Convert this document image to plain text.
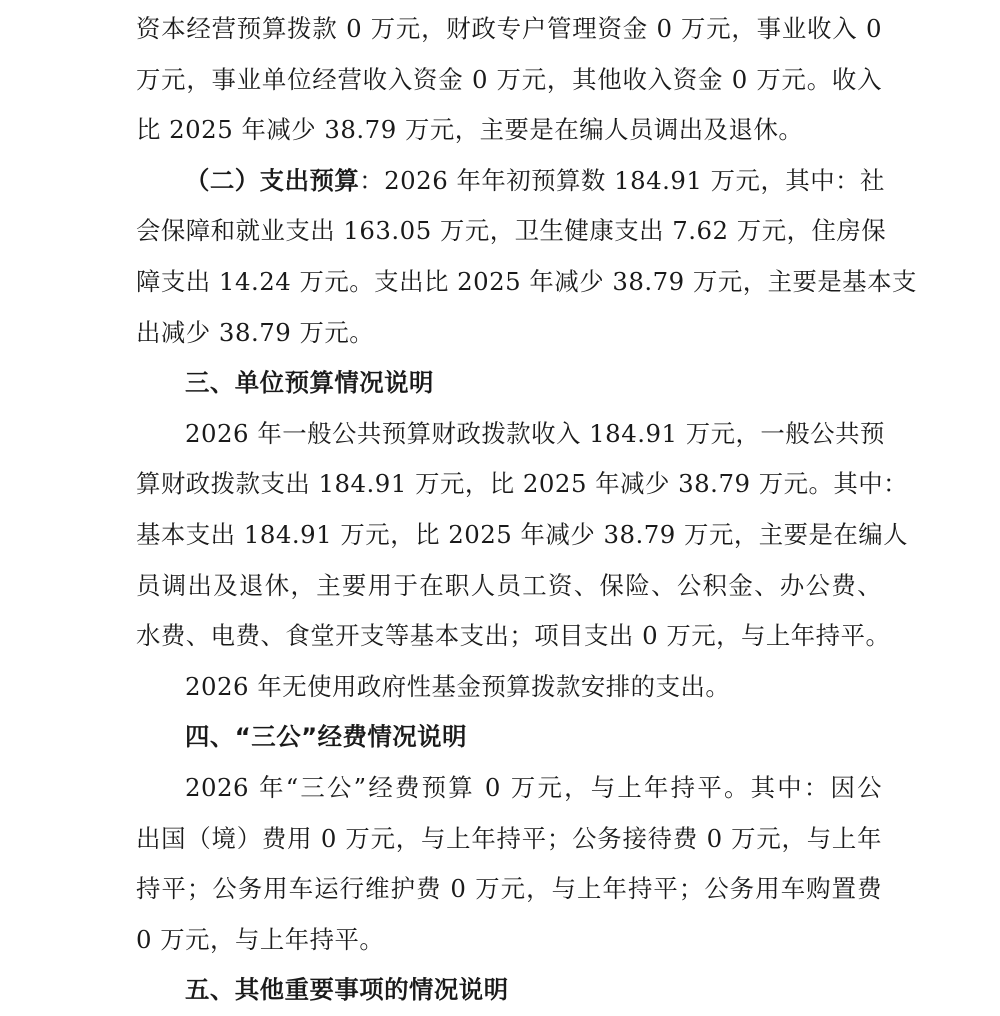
资本经营预算拨款 0 万元，财政专户管理资金 0 万元，事业收入 0
万元，事业单位经营收入资金 0 万元，其他收入资金 0 万元。收入
比 2025 年减少 38.79 万元，主要是在编人员调出及退休。
（二）支出预算：2026 年年初预算数 184.91 万元，其中：社
会保障和就业支出 163.05 万元，卫生健康支出 7.62 万元，住房保
障支出 14.24 万元。支出比 2025 年减少 38.79 万元，主要是基本支
出减少 38.79 万元。
三、单位预算情况说明
2026 年一般公共预算财政拨款收入 184.91 万元，一般公共预
算财政拨款支出 184.91 万元，比 2025 年减少 38.79 万元。其中：
基本支出 184.91 万元，比 2025 年减少 38.79 万元，主要是在编人
员调出及退休，主要用于在职人员工资、保险、公积金、办公费、
水费、电费、食堂开支等基本支出；项目支出 0 万元，与上年持平。
2026 年无使用政府性基金预算拨款安排的支出。
四、“三公”经费情况说明
2026 年“三公”经费预算 0 万元，与上年持平。其中：因公
出国（境）费用 0 万元，与上年持平；公务接待费 0 万元，与上年
持平；公务用车运行维护费 0 万元，与上年持平；公务用车购置费
0 万元，与上年持平。
五、其他重要事项的情况说明
